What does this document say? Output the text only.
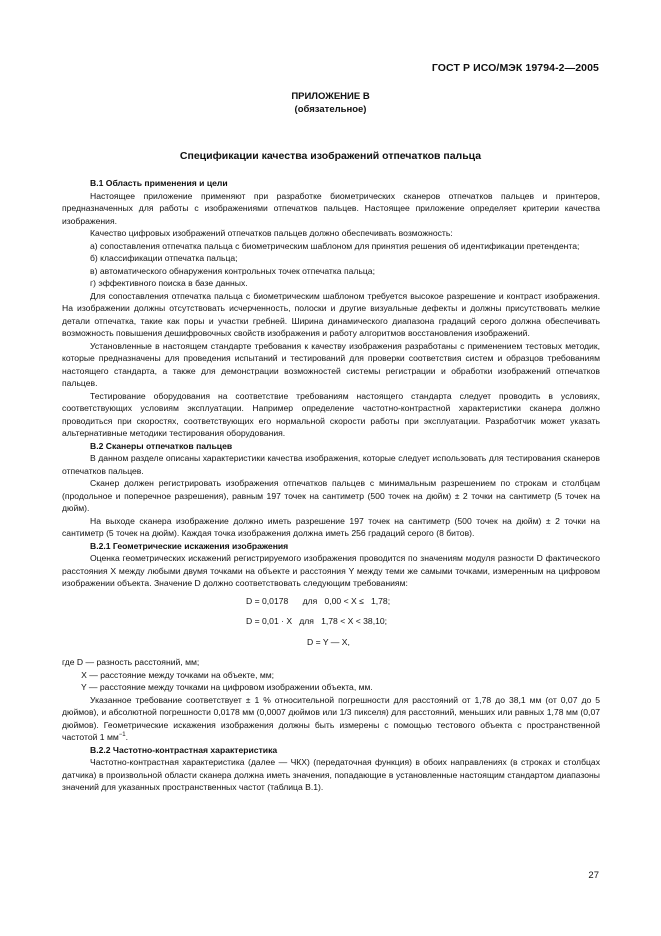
ГОСТ Р ИСО/МЭК 19794-2—2005
ПРИЛОЖЕНИЕ В
(обязательное)
Спецификации качества изображений отпечатков пальца

В.1 Область применения и цели

Настоящее приложение применяют при разработке биометрических сканеров отпечатков пальцев и принтеров, предназначенных для работы с изображениями отпечатков пальцев. Настоящее приложение определяет критерии качества изображения.

Качество цифровых изображений отпечатков пальцев должно обеспечивать возможность:

а) сопоставления отпечатка пальца с биометрическим шаблоном для принятия решения об идентификации претендента;

б) классификации отпечатка пальца;

в) автоматического обнаружения контрольных точек отпечатка пальца;

г) эффективного поиска в базе данных.

Для сопоставления отпечатка пальца с биометрическим шаблоном требуется высокое разрешение и контраст изображения. На изображении должны отсутствовать исчерченность, полоски и другие визуальные дефекты и должны присутствовать мелкие детали отпечатка, такие как поры и участки гребней. Ширина динамического диапазона градаций серого должна обеспечивать возможность повышения дешифровочных свойств изображения и работу алгоритмов восстановления изображений.

Установленные в настоящем стандарте требования к качеству изображения разработаны с применением тестовых методик, которые предназначены для проведения испытаний и тестирований для проверки соответствия систем и образцов требованиям настоящего стандарта, а также для демонстрации возможностей системы регистрации и обработки изображений отпечатков пальцев.

Тестирование оборудования на соответствие требованиям настоящего стандарта следует проводить в условиях, соответствующих условиям эксплуатации. Например определение частотно-контрастной характеристики сканера должно проводиться при скоростях, соответствующих его нормальной скорости работы при эксплуатации. Разработчик может указать альтернативные методики тестирования оборудования.

В.2 Сканеры отпечатков пальцев

В данном разделе описаны характеристики качества изображения, которые следует использовать для тестирования сканеров отпечатков пальцев.

Сканер должен регистрировать изображения отпечатков пальцев с минимальным разрешением по строкам и столбцам (продольное и поперечное разрешения), равным 197 точек на сантиметр (500 точек на дюйм) ± 2 точки на сантиметр (5 точек на дюйм).

На выходе сканера изображение должно иметь разрешение 197 точек на сантиметр (500 точек на дюйм) ± 2 точки на сантиметр (5 точек на дюйм). Каждая точка изображения должна иметь 256 градаций серого (8 битов).

В.2.1 Геометрические искажения изображения

Оценка геометрических искажений регистрируемого изображения проводится по значениям модуля разности D фактического расстояния X между любыми двумя точками на объекте и расстояния Y между теми же самыми точками, измеренным на цифровом изображении объекта. Значение D должно соответствовать следующим требованиям:

D = 0,0178      для   0,00 < X ≤   1,78;

D = 0,01 · X   для   1,78 < X < 38,10;

D = Y — X,

где D — разность расстояний, мм;

X — расстояние между точками на объекте, мм;

Y — расстояние между точками на цифровом изображении объекта, мм.

Указанное требование соответствует ± 1 % относительной погрешности для расстояний от 1,78 до 38,1 мм (от 0,07 до 5 дюймов), и абсолютной погрешности 0,0178 мм (0,0007 дюймов или 1/3 пикселя) для расстояний, меньших или равных 1,78 мм (0,07 дюймов). Геометрические искажения изображения должны быть измерены с помощью тестового объекта с пространственной частотой 1 $мм^{-1}$.

В.2.2 Частотно-контрастная характеристика

Частотно-контрастная характеристика (далее — ЧКХ) (передаточная функция) в обоих направлениях (в строках и столбцах датчика) в произвольной области сканера должна иметь значения, попадающие в установленные настоящим стандартом диапазоны значений для указанных пространственных частот (таблица В.1).

27
